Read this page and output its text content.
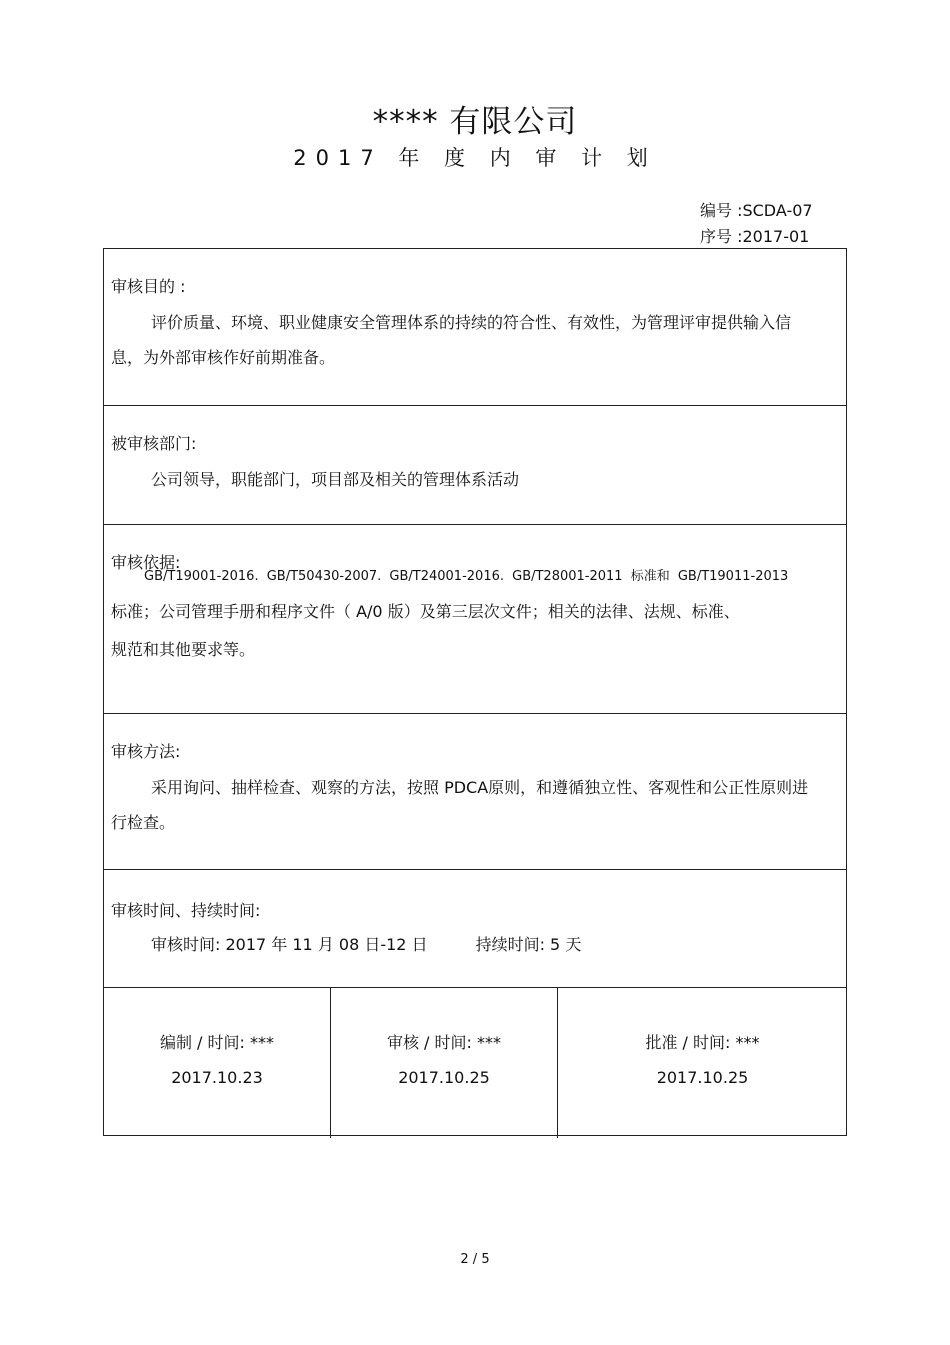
**** 有限公司
2017 年 度 内 审 计 划
编号 :SCDA-07
序号 :2017-01
审核目的 :
评价质量、环境、职业健康安全管理体系的持续的符合性、有效性，为管理评审提供输入信息，为外部审核作好前期准备。
被审核部门:
公司领导，职能部门，项目部及相关的管理体系活动
审核依据:
GB/T19001-2016. GB/T50430-2007. GB/T24001-2016. GB/T28001-2011 标准和 GB/T19011-2013
标准；公司管理手册和程序文件（ A/0 版）及第三层次文件；相关的法律、法规、标准、
规范和其他要求等。
审核方法:
采用询问、抽样检查、观察的方法，按照 PDCA原则，和遵循独立性、客观性和公正性原则进行检查。
审核时间、持续时间:
审核时间: 2017 年 11 月 08 日-12 日	持续时间: 5 天
编制 / 时间: ***
2017.10.23
审核 / 时间: ***
2017.10.25
批准 / 时间: ***
2017.10.25
2 / 5
